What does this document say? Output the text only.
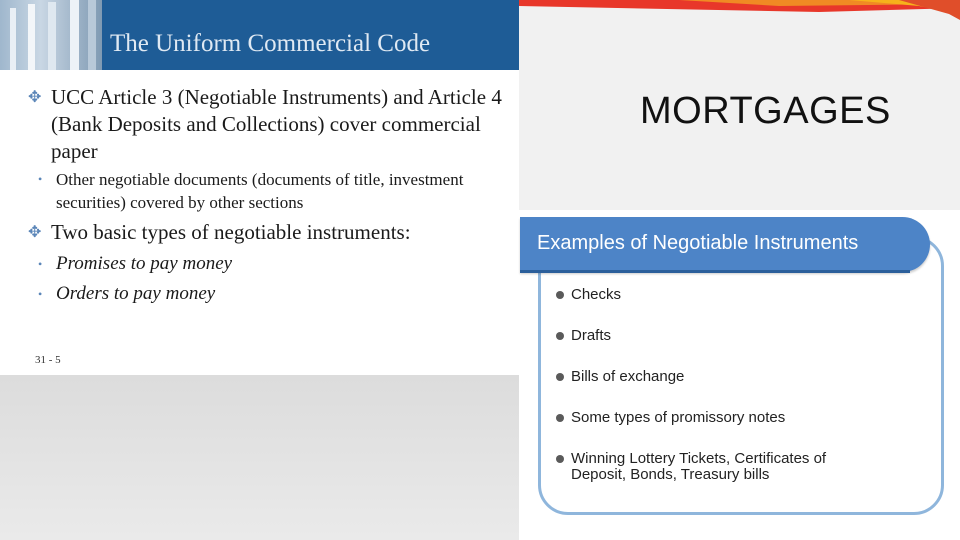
The Uniform Commercial Code
✥ UCC Article 3 (Negotiable Instruments) and Article 4 (Bank Deposits and Collections) cover commercial paper
• Other negotiable documents (documents of title, investment securities) covered by other sections
✥ Two basic types of negotiable instruments:
• Promises to pay money
• Orders to pay money
31 - 5
MORTGAGES
Examples of Negotiable Instruments
Checks
Drafts
Bills of exchange
Some types of promissory notes
Winning Lottery Tickets, Certificates of Deposit, Bonds, Treasury bills
